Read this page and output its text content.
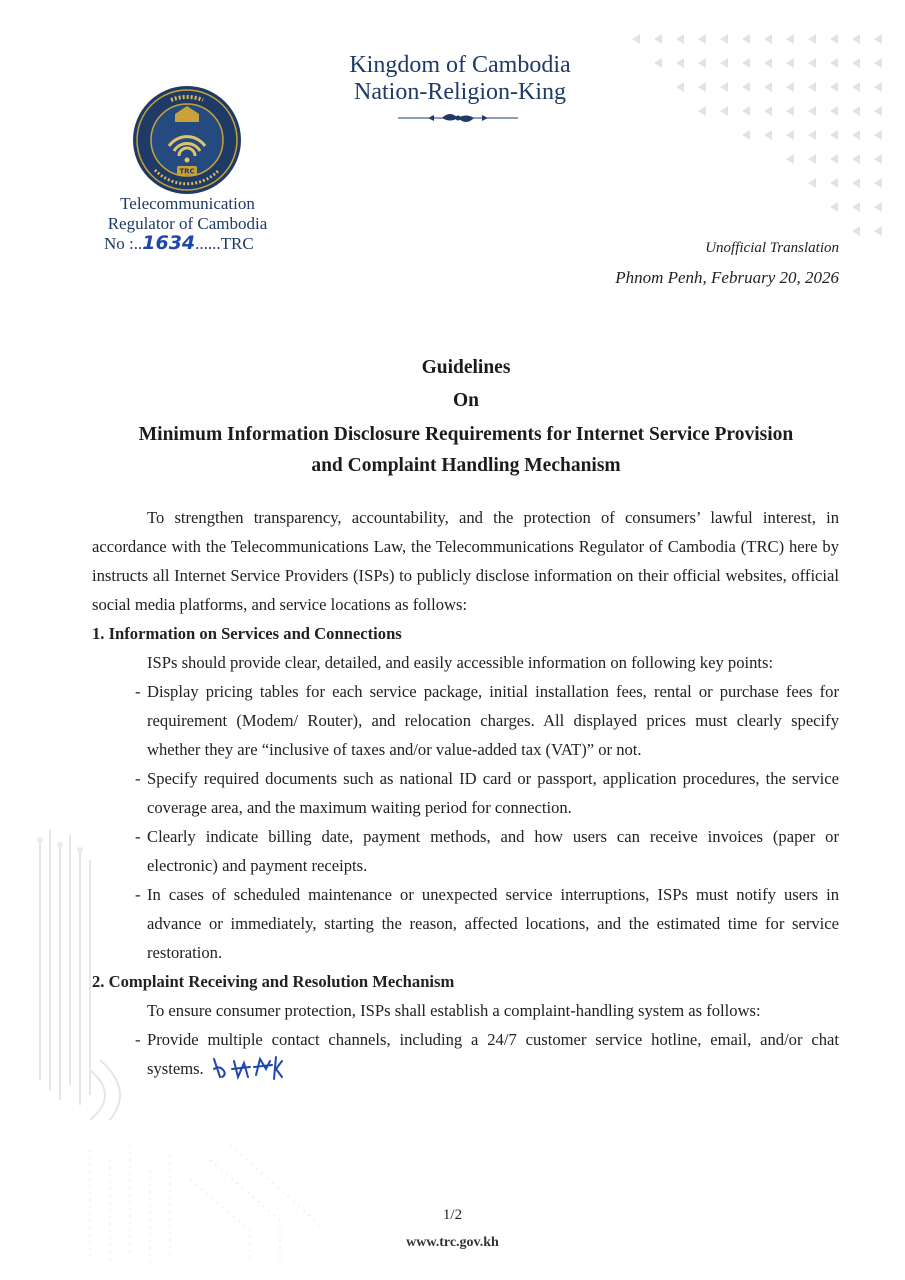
Kingdom of Cambodia
Nation-Religion-King
TRC
Telecommunication
Regulator of Cambodia
No :..1634......TRC	Unofficial Translation
Phnom Penh, February 20, 2026
Guidelines
On
Minimum Information Disclosure Requirements for Internet Service Provision
and Complaint Handling Mechanism

To strengthen transparency, accountability, and the protection of consumers’ lawful interest, in accordance with the Telecommunications Law, the Telecommunications Regulator of Cambodia (TRC) here by instructs all Internet Service Providers (ISPs) to publicly disclose information on their official websites, official social media platforms, and service locations as follows:

1. Information on Services and Connections

ISPs should provide clear, detailed, and easily accessible information on following key points:

- Display pricing tables for each service package, initial installation fees, rental or purchase fees for requirement (Modem/ Router), and relocation charges. All displayed prices must clearly specify whether they are “inclusive of taxes and/or value-added tax (VAT)” or not.
- Specify required documents such as national ID card or passport, application procedures, the service coverage area, and the maximum waiting period for connection.
- Clearly indicate billing date, payment methods, and how users can receive invoices (paper or electronic) and payment receipts.
- In cases of scheduled maintenance or unexpected service interruptions, ISPs must notify users in advance or immediately, starting the reason, affected locations, and the estimated time for service restoration.
2. Complaint Receiving and Resolution Mechanism

To ensure consumer protection, ISPs shall establish a complaint-handling system as follows:

- Provide multiple contact channels, including a 24/7 customer service hotline, email, and/or chat systems.
1/2
www.trc.gov.kh
